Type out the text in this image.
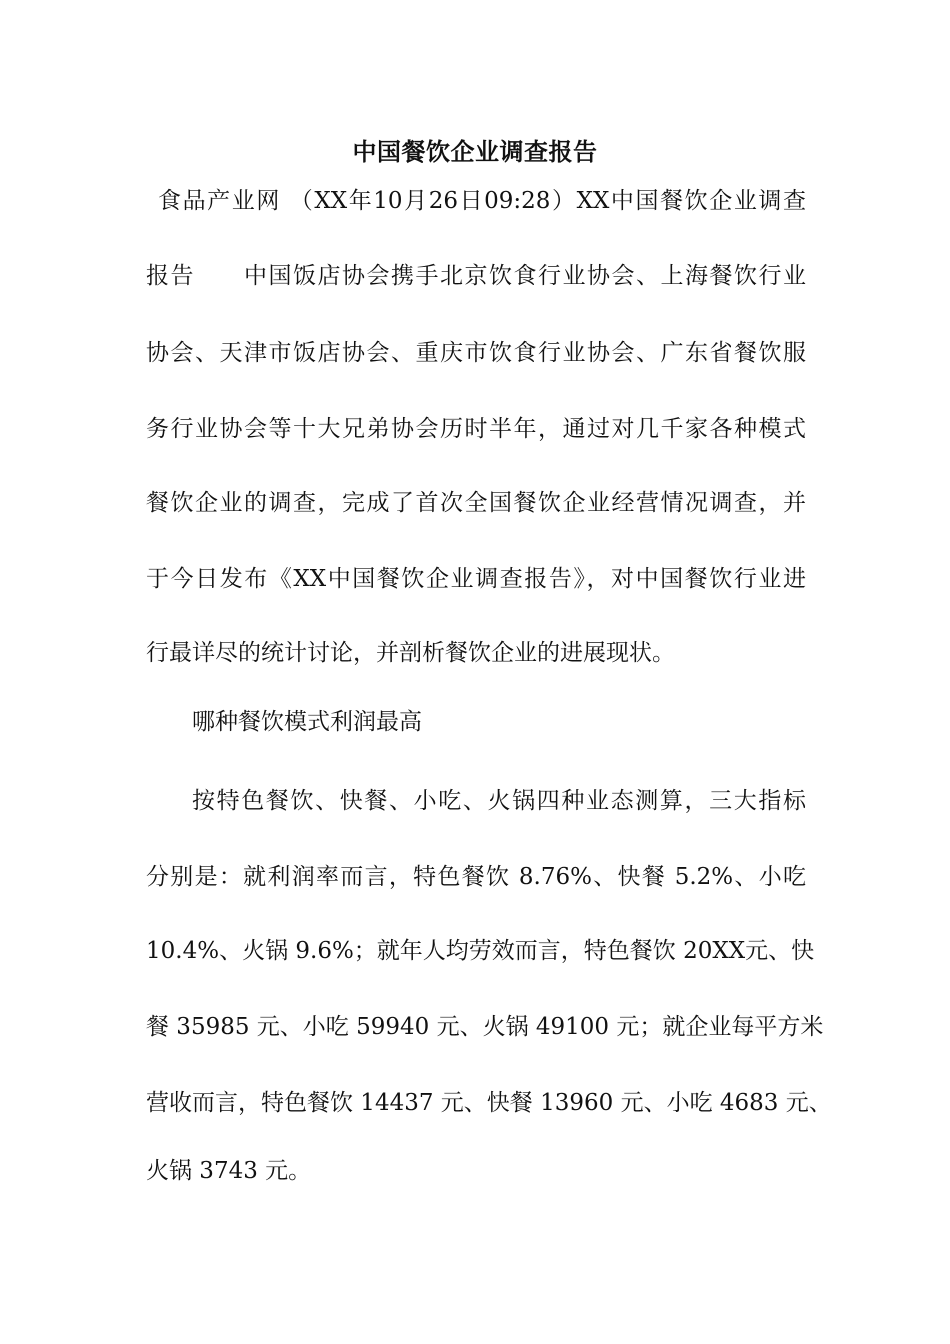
中国餐饮企业调查报告
食品产业网 （XX年10月26日09:28）XX中国餐饮企业调查
报告　　中国饭店协会携手北京饮食行业协会、上海餐饮行业
协会、天津市饭店协会、重庆市饮食行业协会、广东省餐饮服
务行业协会等十大兄弟协会历时半年，通过对几千家各种模式
餐饮企业的调查，完成了首次全国餐饮企业经营情况调查，并
于今日发布《XX中国餐饮企业调查报告》，对中国餐饮行业进
行最详尽的统计讨论，并剖析餐饮企业的进展现状。
哪种餐饮模式利润最高
按特色餐饮、快餐、小吃、火锅四种业态测算，三大指标
分别是：就利润率而言，特色餐饮 8.76%、快餐 5.2%、小吃
10.4%、火锅 9.6%；就年人均劳效而言，特色餐饮 20XX元、快
餐 35985 元、小吃 59940 元、火锅 49100 元；就企业每平方米
营收而言，特色餐饮 14437 元、快餐 13960 元、小吃 4683 元、
火锅 3743 元。
